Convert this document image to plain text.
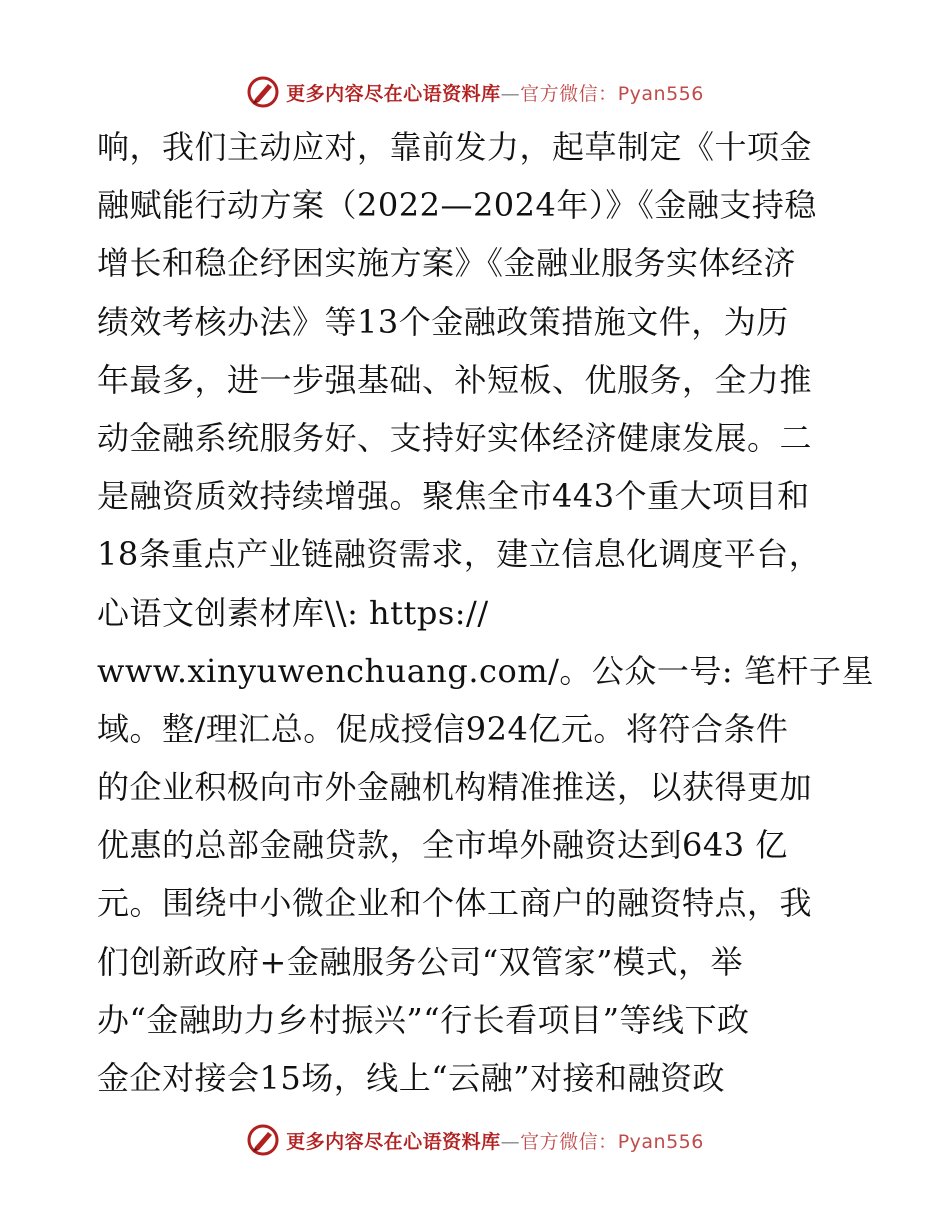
更多内容尽在心语资料库—官方微信：Pyan556
响，我们主动应对，靠前发力，起草制定《十项金
融赋能行动方案（2022—2024年）》《金融支持稳
增长和稳企纾困实施方案》《金融业服务实体经济
绩效考核办法》等13个金融政策措施文件，为历
年最多，进一步强基础、补短板、优服务，全力推
动金融系统服务好、支持好实体经济健康发展。二
是融资质效持续增强。聚焦全市443个重大项目和
18条重点产业链融资需求，建立信息化调度平台，
心语文创素材库\\: https://
www.xinyuwenchuang.com/。公众一号: 笔杆子星
域。整/理汇总。促成授信924亿元。将符合条件
的企业积极向市外金融机构精准推送，以获得更加
优惠的总部金融贷款，全市埠外融资达到643 亿
元。围绕中小微企业和个体工商户的融资特点，我
们创新政府+金融服务公司“双管家”模式，举
办“金融助力乡村振兴”“行长看项目”等线下政
金企对接会15场，线上“云融”对接和融资政
更多内容尽在心语资料库—官方微信：Pyan556
